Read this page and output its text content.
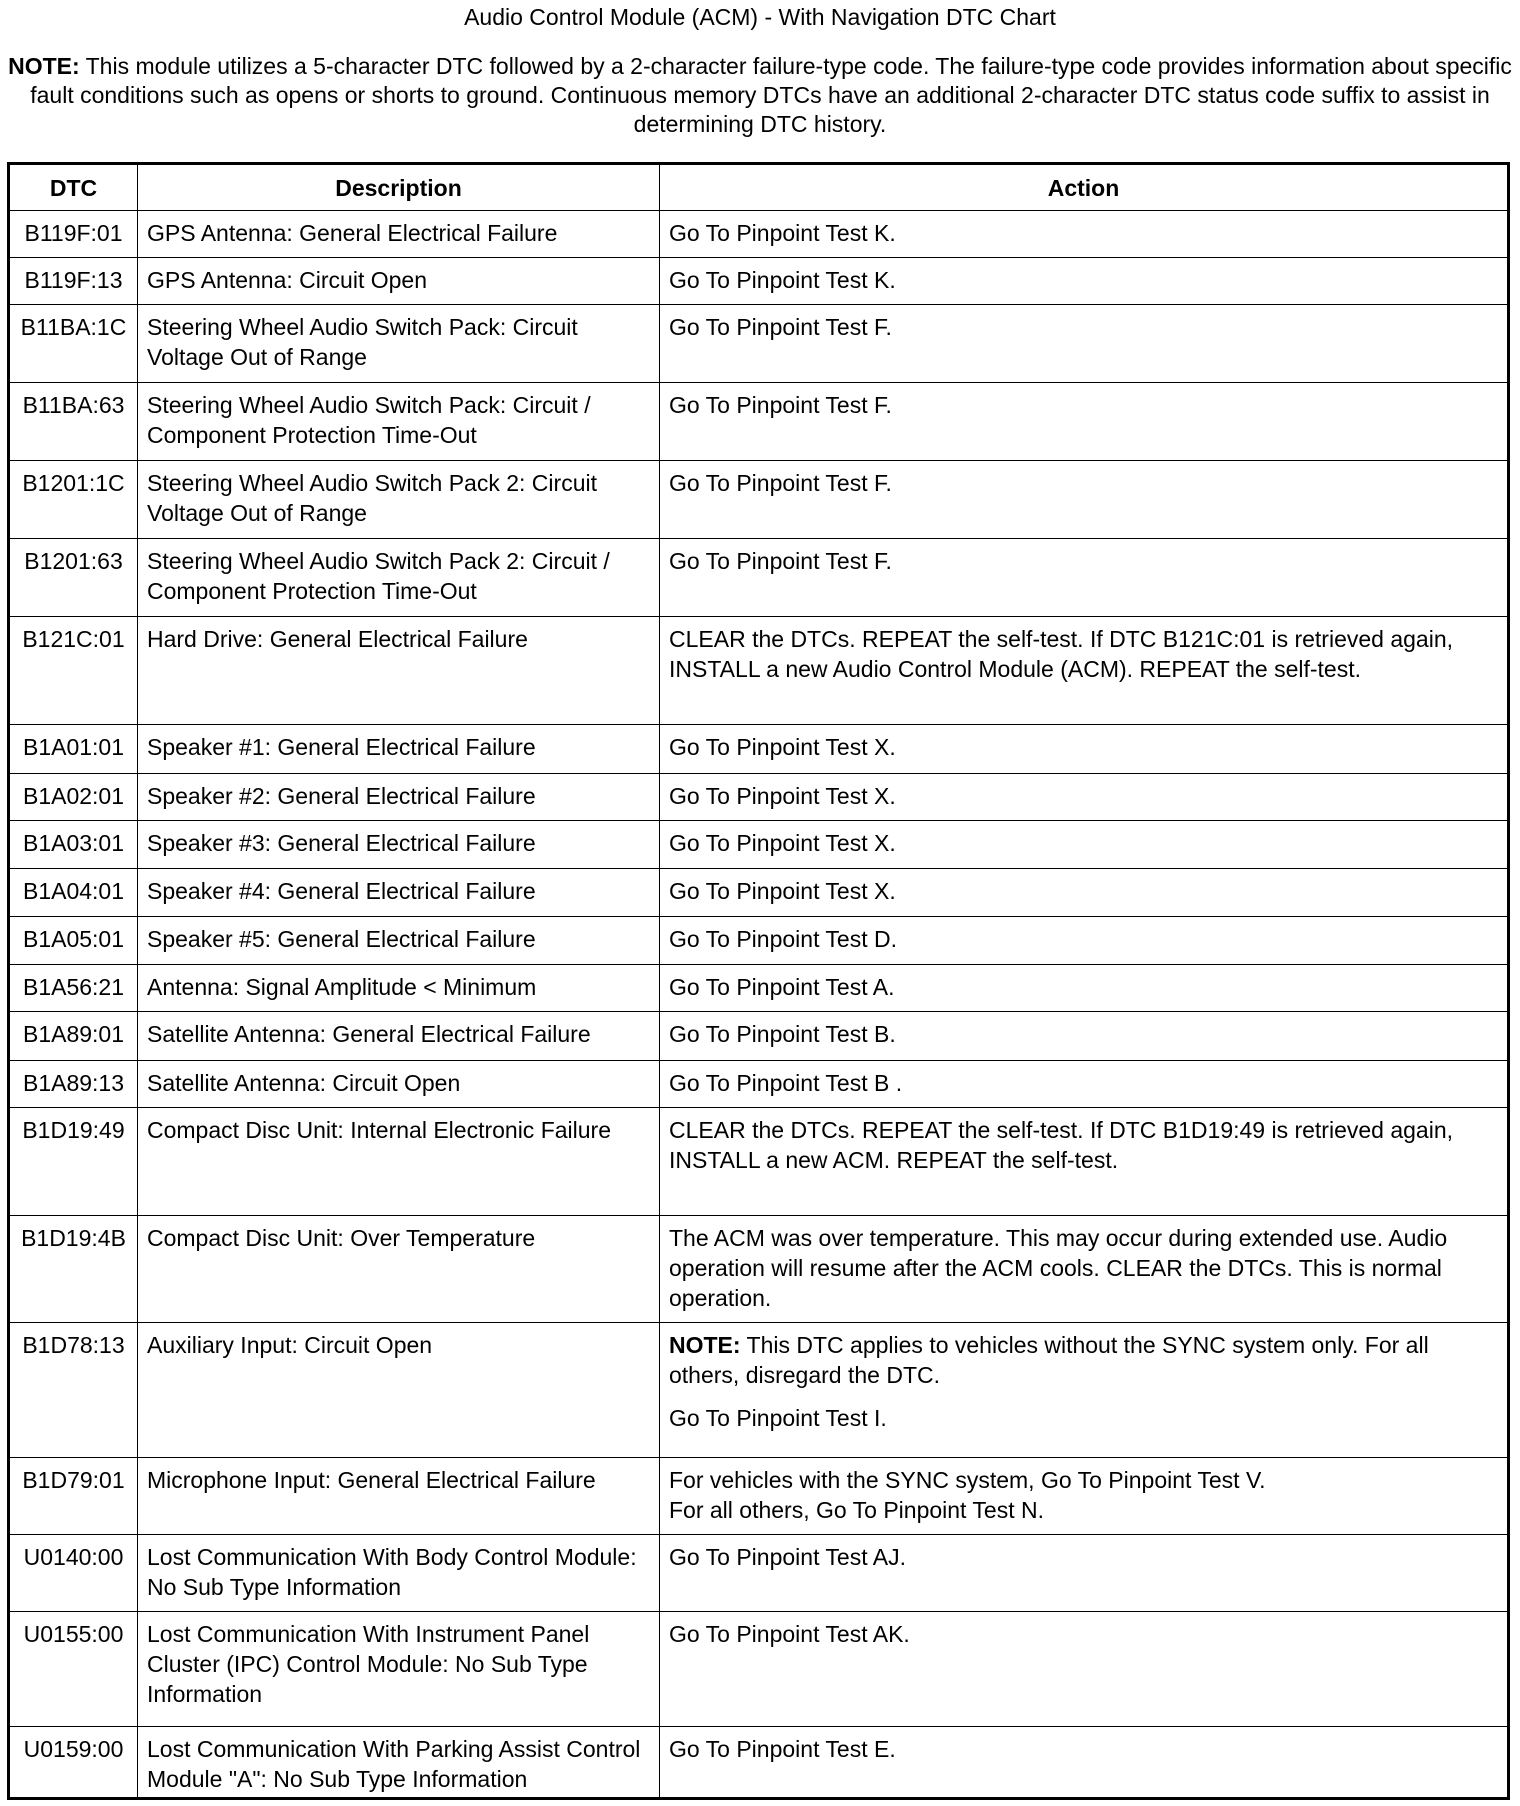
Audio Control Module (ACM) - With Navigation DTC Chart
NOTE: This module utilizes a 5-character DTC followed by a 2-character failure-type code. The failure-type code provides information about specific fault conditions such as opens or shorts to ground. Continuous memory DTCs have an additional 2-character DTC status code suffix to assist in determining DTC history.
DTC	Description	Action
B119F:01	GPS Antenna: General Electrical Failure	Go To Pinpoint Test K.

B119F:13	GPS Antenna: Circuit Open	Go To Pinpoint Test K.

B11BA:1C	Steering Wheel Audio Switch Pack: Circuit Voltage Out of Range	Go To Pinpoint Test F.

B11BA:63	Steering Wheel Audio Switch Pack: Circuit / Component Protection Time-Out	Go To Pinpoint Test F.

B1201:1C	Steering Wheel Audio Switch Pack 2: Circuit Voltage Out of Range	Go To Pinpoint Test F.

B1201:63	Steering Wheel Audio Switch Pack 2: Circuit / Component Protection Time-Out	Go To Pinpoint Test F.

B121C:01	Hard Drive: General Electrical Failure	CLEAR the DTCs. REPEAT the self-test. If DTC B121C:01 is retrieved again, INSTALL a new Audio Control Module (ACM). REPEAT the self-test.

B1A01:01	Speaker #1: General Electrical Failure	Go To Pinpoint Test X.

B1A02:01	Speaker #2: General Electrical Failure	Go To Pinpoint Test X.

B1A03:01	Speaker #3: General Electrical Failure	Go To Pinpoint Test X.

B1A04:01	Speaker #4: General Electrical Failure	Go To Pinpoint Test X.

B1A05:01	Speaker #5: General Electrical Failure	Go To Pinpoint Test D.

B1A56:21	Antenna: Signal Amplitude < Minimum	Go To Pinpoint Test A.

B1A89:01	Satellite Antenna: General Electrical Failure	Go To Pinpoint Test B.

B1A89:13	Satellite Antenna: Circuit Open	Go To Pinpoint Test B .

B1D19:49	Compact Disc Unit: Internal Electronic Failure	CLEAR the DTCs. REPEAT the self-test. If DTC B1D19:49 is retrieved again, INSTALL a new ACM. REPEAT the self-test.

B1D19:4B	Compact Disc Unit: Over Temperature	The ACM was over temperature. This may occur during extended use. Audio operation will resume after the ACM cools. CLEAR the DTCs. This is normal operation.

B1D78:13	Auxiliary Input: Circuit Open	NOTE: This DTC applies to vehicles without the SYNC system only. For all others, disregard the DTC.

Go To Pinpoint Test I.

B1D79:01	Microphone Input: General Electrical Failure	For vehicles with the SYNC system, Go To Pinpoint Test V.

For all others, Go To Pinpoint Test N.

U0140:00	Lost Communication With Body Control Module: No Sub Type Information	Go To Pinpoint Test AJ.

U0155:00	Lost Communication With Instrument Panel Cluster (IPC) Control Module: No Sub Type Information	Go To Pinpoint Test AK.

U0159:00	Lost Communication With Parking Assist Control Module "A": No Sub Type Information	Go To Pinpoint Test E.
